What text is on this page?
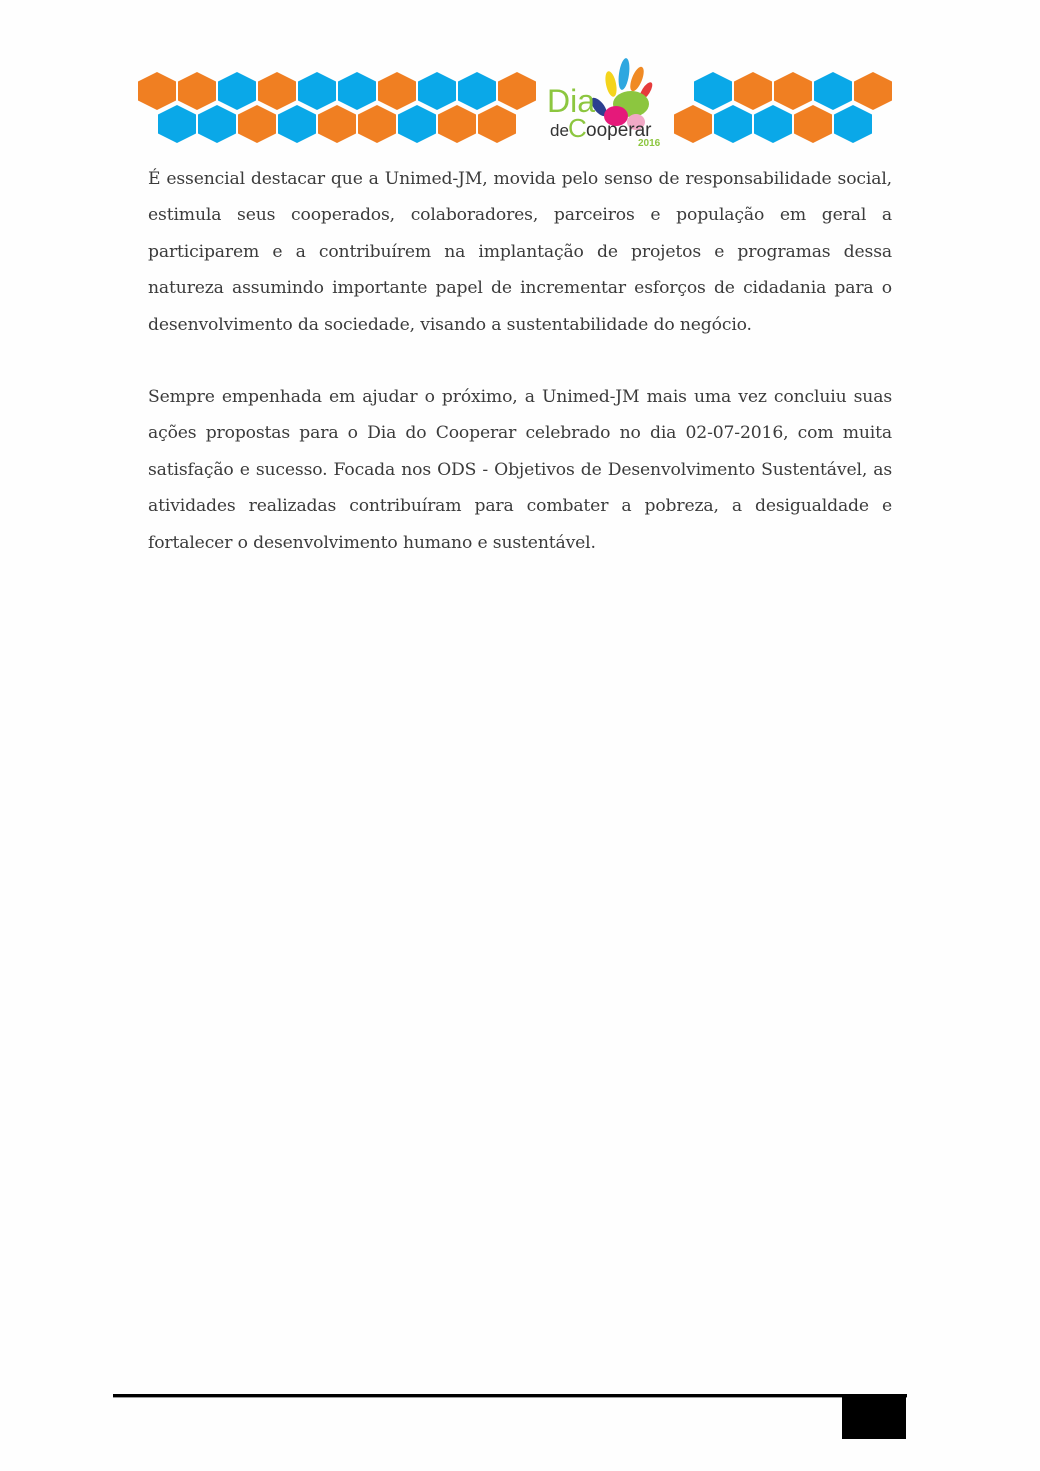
Dia
de C ooperar
2016

É essencial destacar que a Unimed-JM, movida pelo senso de responsabilidade social, estimula seus cooperados, colaboradores, parceiros e população em geral a participarem e a contribuírem na implantação de projetos e programas dessa natureza assumindo importante papel de incrementar esforços de cidadania para o desenvolvimento da sociedade, visando a sustentabilidade do negócio.

Sempre empenhada em ajudar o próximo, a Unimed-JM mais uma vez concluiu suas ações propostas para o Dia do Cooperar celebrado no dia 02-07-2016, com muita satisfação e sucesso. Focada nos ODS - Objetivos de Desenvolvimento Sustentável, as atividades realizadas contribuíram para combater a pobreza, a desigualdade e fortalecer o desenvolvimento humano e sustentável.
